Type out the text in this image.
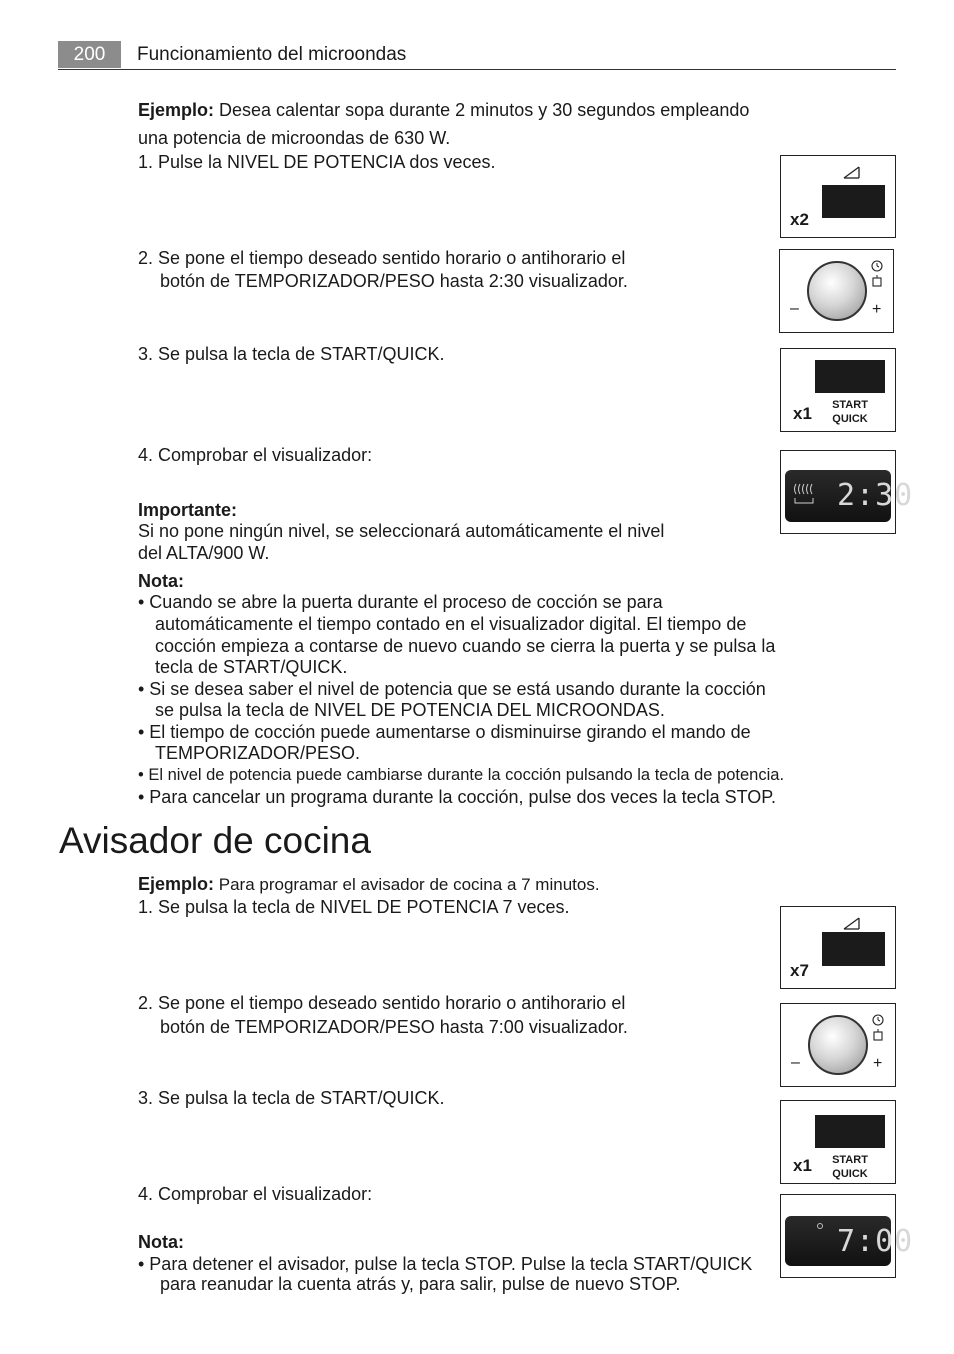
200	Funcionamiento del microondas
Ejemplo: Desea calentar sopa durante 2 minutos y 30 segundos empleando
una potencia de microondas de 630 W.
1. Pulse la NIVEL DE POTENCIA dos veces.
2. Se pone el tiempo deseado sentido horario o antihorario el
botón de TEMPORIZADOR/PESO hasta 2:30 visualizador.
3. Se pulsa la tecla de START/QUICK.
4. Comprobar el visualizador:
Importante:
Si no pone ningún nivel, se seleccionará automáticamente el nivel
del ALTA/900 W.
Nota:
• Cuando se abre la puerta durante el proceso de cocción se para
automáticamente el tiempo contado en el visualizador digital. El tiempo de
cocción empieza a contarse de nuevo cuando se cierra la puerta y se pulsa la
tecla de START/QUICK.
• Si se desea saber el nivel de potencia que se está usando durante la cocción
se pulsa la tecla de NIVEL DE POTENCIA DEL MICROONDAS.
• El tiempo de cocción puede aumentarse o disminuirse girando el mando de
TEMPORIZADOR/PESO.
• El nivel de potencia puede cambiarse durante la cocción pulsando la tecla de potencia.
• Para cancelar un programa durante la cocción, pulse dos veces la tecla STOP.
Avisador de cocina
Ejemplo: Para programar el avisador de cocina a 7 minutos.
1. Se pulsa la tecla de NIVEL DE POTENCIA 7 veces.
2. Se pone el tiempo deseado sentido horario o antihorario el
botón de TEMPORIZADOR/PESO hasta 7:00 visualizador.
3. Se pulsa la tecla de START/QUICK.
4. Comprobar el visualizador:
Nota:
• Para detener el avisador, pulse la tecla STOP. Pulse la tecla START/QUICK
para reanudar la cuenta atrás y, para salir, pulse de nuevo STOP.
x2
–	+
x1 START
QUICK
2:30
x7
–	+
x1 START
QUICK
7:00
